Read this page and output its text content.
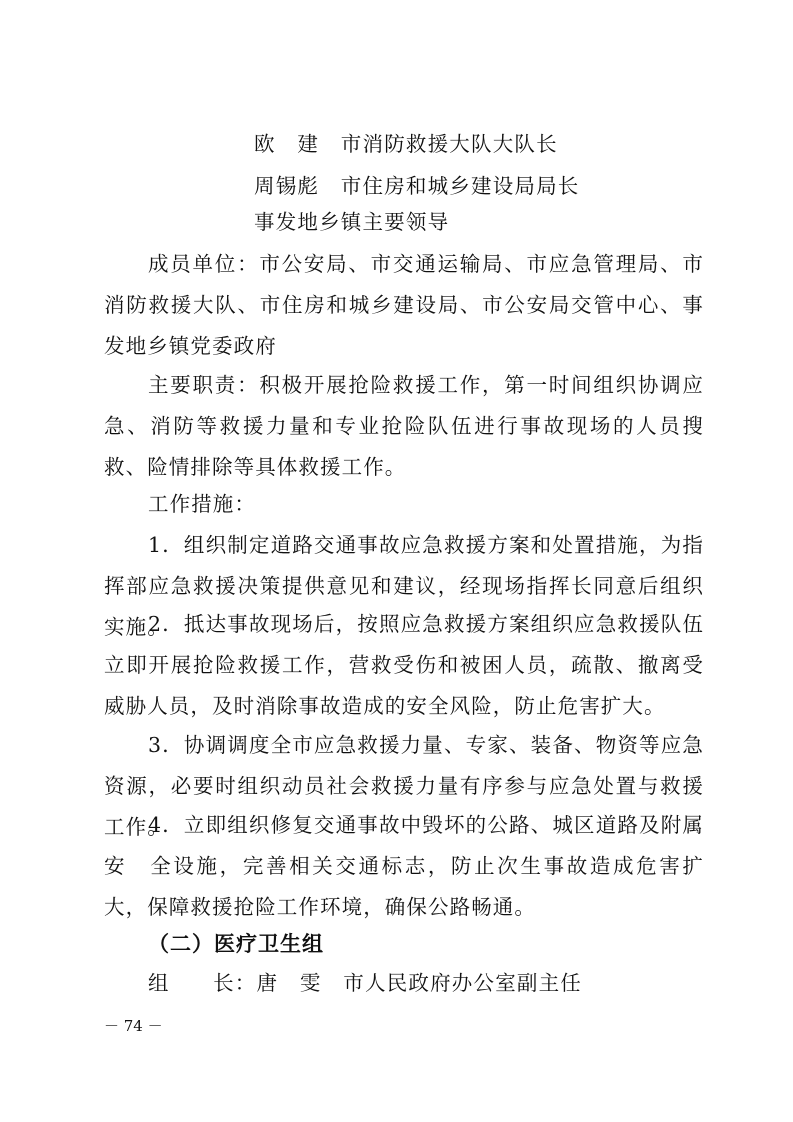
欧　建　市消防救援大队大队长
周锡彪　市住房和城乡建设局局长
事发地乡镇主要领导
成员单位：市公安局、市交通运输局、市应急管理局、市消防救援大队、市住房和城乡建设局、市公安局交管中心、事发地乡镇党委政府
主要职责：积极开展抢险救援工作，第一时间组织协调应急、消防等救援力量和专业抢险队伍进行事故现场的人员搜救、险情排除等具体救援工作。
工作措施：
1．组织制定道路交通事故应急救援方案和处置措施，为指挥部应急救援决策提供意见和建议，经现场指挥长同意后组织实施。
2．抵达事故现场后，按照应急救援方案组织应急救援队伍立即开展抢险救援工作，营救受伤和被困人员，疏散、撤离受威胁人员，及时消除事故造成的安全风险，防止危害扩大。
3．协调调度全市应急救援力量、专家、装备、物资等应急资源，必要时组织动员社会救援力量有序参与应急处置与救援工作。
4．立即组织修复交通事故中毁坏的公路、城区道路及附属安　全设施，完善相关交通标志，防止次生事故造成危害扩大，保障救援抢险工作环境，确保公路畅通。
（二）医疗卫生组
组　　长：唐　雯　市人民政府办公室副主任
－ 74 －
